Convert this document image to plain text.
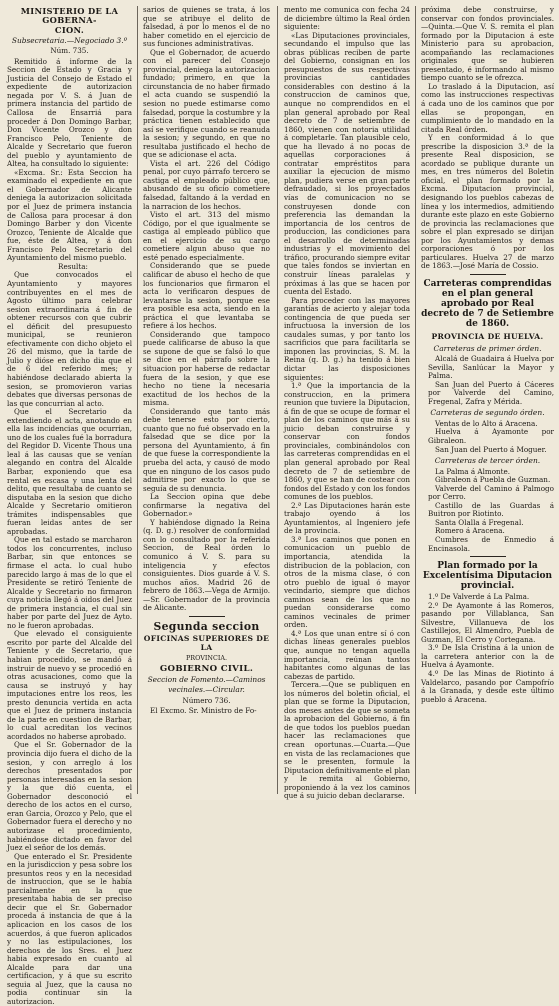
MINISTERIO DE LA GOBERNA-
CION.
Subsecretaria.—Negociado 3.º
Núm. 735.

Remitido á informe de la Seccion de Estado y Gracia y Justicia del Consejo de Estado el expediente de autorizacion negada por V. S. á Juan de primera instancia del partido de Callosa de Ensarriá para proceder á Don Domingo Barbar, Don Vicente Orozco y don Francisco Pelo, Teniente de Alcalde y Secretario que fueron del pueblo y ayuntamiento de Altea, ha consultado lo siguiente:

«Excma. Sr.: Esta Seccion ha examinado el expediente en que el Gobernador de Alicante deniega la autorizacion solicitada por el Juez de primera instancia de Callosa para procesar á don Domingo Barber y don Vicente Orozco, Teniente de Alcalde que fue, éste de Altea, y á don Francisco Pelo Secretario del Ayuntamiento del mismo pueblo.

Resulta:

Que convocados el Ayuntamiento y mayores contribuyentes en el mes de Agosto último para celebrar sesion extraordinaria á fin de obtener recursos con que cubrir el déficit del presupuesto municipal, se reunieron efectivamente con dicho objeto el 26 del mismo, que la tarde de Julio y dióse en dicho dia que el de 6 del referido mes; y habiéndose declarado abierta la sesion, se promovieron varias debates que diversas personas de las que concurrian al acto.

Que el Secretario da extendiendo el acta, anotando en ella las incidencias que ocurrian, uno de los cuales fué la borradura del Regidor D. Vicente Thous una leal á las causas que se venían alegando en contra del Alcalde Barbar, exponiendo que esa rental es escasa y una lenta del delito, que resultaba de cuanto se disputaba en la sesion que dicho Alcalde y Secretario omitieron trámites indispensables que fueran leidas antes de ser aprobadas.

Que en tal estado se marcharon todos los concurrentes, incluso Barbar, sin que entonces se firmase el acta. lo cual hubo parecido largo á mas de lo que el Presidente se retiró Teniente de Alcalde y Secretario no firmaron cuya noticia llegó á oidos del Juez de primera instancia, el cual sin haber por parte del Juez de Ayto. no le fueron aprobadas.

Que elevado el consiguiente escrito por parte del Alcalde del Teniente y de Secretario, que habian procedido, se mandó á instruir de nuevo y se procedió en otras acusaciones, como que la causa se instruyó y hay imputaciones entre los reos, les presto denuncia vertida en acta que el Juez de primera instancia de la parte en cuestion de Barbar, lo cual acreditan los vecinos acordados no haberse aprobado.

Que el Sr. Gobernador de la provincia dijo fuera el dicho de la sesion, y con arreglo á los derechos presentados por personas interesadas en la sesion y la que dió cuenta, el Gobernador desconoció el derecho de los actos en el curso, eran Garcia, Orozco y Pelo, que el Gobernador fuera el derecho y no autorizase el procedimiento, habiéndose dictado en favor del Juez el señor de los demás.

Que enterado el Sr. Presidente en la jurisdiccion y pesa sobre los presuntos reos y en la necesidad de instruccion, que se le había parcialmente en la que presentaba habia de ser preciso decir que el Sr. Gobernador proceda á instancia de que á la aplicacion en los casos de los acuerdos, á que fueron aplicados y no las estipulaciones, los derechos de los Sres. el Juez habia expresado en cuanto al Alcalde para dar una certificacion, y á que su escrito seguia al Juez, que la causa no podia continuar sin la autorizacion.

sarios de quienes se trata, á los que se atribuye el delito de falsedad, á por lo menos el de no haber cometido en el ejercicio de sus funciones administrativas.

Que el Gobernador, de acuerdo con el parecer del Consejo provincial, deniega la autorizacion fundado; primero, en que la circunstancia de no haber firmado el acta cuando se suspendió la sesion no puede estimarse como falsedad, porque la costumbre y la práctica tienen establecido que así se verifique cuando se reanuda la sesion; y segundo, en que no resultaba justificado el hecho de que se adicionase el acta.

Vista el art. 226 del Código penal, por cuyo párrafo tercero se castiga el empleado público que, abusando de su oficio cometiere falsedad, faltando á la verdad en la narracion de los hechos.

Visto el art. 313 del mismo Código, por el que igualmente se castiga al empleado público que en el ejercicio de su cargo cometiere algun abuso que no esté penado especialmente.

Considerando que se puede calificar de abuso el hecho de que los funcionarios que firmaron el acta lo verificaron despues de levantarse la sesion, porque ese era posible esa acta, siendo en la práctica el que levantaba se refiere á los hechos.

Considerando que tampoco puede calificarse de abuso la que se supone de que se falsó lo que se dice en el párrafo sobre la situacion por haberse de redactar fuera de la sesion, y que ese hecho no tiene la necesaria exactitud de los hechos de la misma.

Considerando que tanto más debe tenerse esto por cierto, cuanto que no fué observado en la falsedad que se dice por la persona del Ayuntamiento, á fin de que fuese la correspondiente la prueba del acta, y causó de modo que en ninguno de los casos pudo admitirse por exacto lo que se seguía de su denuncia.

La Seccion opina que debe confirmarse la negativa del Gobernador.»

Y habiéndose dignado la Reina (q. D. g.) resolver de conformidad con lo consultado por la referida Seccion, de Real órden lo comunico á V. S. para su inteligencia y efectos consiguientes. Dios guarde á V. S. muchos años. Madrid 26 de febrero de 1863.—Vega de Armijo.—Sr. Gobernador de la provincia de Alicante.

Segunda seccion
OFICINAS SUPERIORES DE LA
PROVINCIA.
GOBIERNO CIVIL.
Seccion de Fomento.—Caminos
vecinales.—Circular.
Número 736.

El Excmo. Sr. Ministro de Fo-

mento me comunica con fecha 24 de diciembre último la Real órden siguiente:

«Las Diputaciones provinciales, secundando el impulso que las obras públicas reciben de parte del Gobierno, consignan en los presupuestos de sus respectivas provincias cantidades considerables con destino á la construccion de caminos que, aunque no comprendidos en el plan general aprobado por Real decreto de 7 de setiembre de 1860, vienen con notoria utilidad á completarle. Tan plausible celo, que ha llevado á no pocas de aquellas corporaciones á contratar empréstitos para auxiliar la ejecucion de mismo plan, pudiera verse en gran parte defraudado, si los proyectados vías de comunicacion no se construyesen donde con preferencia las demandan la importancia de los centros de produccion, las condiciones para el desarrollo de determinadas industrias y el movimiento del tráfico, procurando siempre evitar que tales fondos se inviertan en construir líneas paralelas y próximas á las que se hacen por cuenta del Estado.

Para proceder con las mayores garantías de acierto y alejar toda contingencia de que pueda ser infructuosa la inversion de los caudales sumas, y por tanto los sacrificios que para facilitarla se imponen las provincias, S. M. la Reina (q. D. g.) ha tenido á bien dictar las disposiciones siguientes:

1.ª Que la importancia de la construccion, en la primera reunion que tuviere la Diputacion, á fin de que se ocupe de formar el plan de los caminos que más á su juicio deban construirse y conservar con fondos provinciales, combinándolos con las carreteras comprendidas en el plan general aprobado por Real decreto de 7 de setiembre de 1860, y que se han de costear con fondos del Estado y con los fondos comunes de los pueblos.

2.ª Las Diputaciones harán este trabajo oyendo á los Ayuntamientos, al Ingeniero jefe de la provincia.

3.ª Los caminos que ponen en comunicacion un pueblo de importancia, atendida la distribucion de la poblacion, con otros de la misma clase, ó con otro pueblo de igual ó mayor vecindario, siempre que dichos caminos sean de los que no puedan considerarse como caminos vecinales de primer orden.

4.ª Los que unan entre sí ó con dichas líneas generales pueblos que, aunque no tengan aquella importancia, reúnan tantos habitantes como algunas de las cabezas de partido.

Tercera.—Que se publiquen en los números del boletin oficial, el plan que se forme la Diputacion, dos meses antes de que se someta la aprobacion del Gobierno, á fin de que todos los pueblos puedan hacer las reclamaciones que crean oportunas.—Cuarta.—Que en vista de las reclamaciones que se le presenten, formule la Diputacion definitivamente el plan y le remita al Gobierno, proponiendo á la vez los caminos que á su juicio deban declararse.

próxima debe construirse, y conservar con fondos provinciales.—Quinta.—Que V. S. remita el plan formado por la Diputacion á este Ministerio para su aprobacion, acompañando las reclamaciones originales que se hubieren presentado, é informando al mismo tiempo cuanto se le ofrezca.

Lo traslado á la Diputacion, así como las instrucciones respectivas á cada uno de los caminos que por ellas se propongan, en cumplimiento de lo mandado en la citada Real órden.

Y en conformidad á lo que prescribe la disposicion 3.ª de la presente Real disposicion, se acordado se publique durante un mes, en tres números del Boletin oficial, el plan formado por la Excma. Diputacion provincial, designando los pueblos cabezas de línea y los intermedios, admitiendo durante este plazo en este Gobierno de provincia las reclamaciones que sobre el plan expresado se dirijan por los Ayuntamientos y demas corporaciones ó por los particulares. Huelva 27 de marzo de 1863.—José María de Cossio.

Carreteras comprendidas en el plan general aprobado por Real decreto de 7 de Setiembre de 1860.
PROVINCIA DE HUELVA.
Carreteras de primer órden.

Alcalá de Guadaira á Huelva por Sevilla, Sanlúcar la Mayor y Palma.

San Juan del Puerto á Cáceres por Valverde del Camino, Fregenal, Zafra y Mérida.

Carreteras de segundo órden.

Ventas de lo Alto á Aracena.

Huelva á Ayamonte por Gibraleon.

San Juan del Puerto á Moguer.

Carreteras de tercer órden.

La Palma á Almonte.

Gibraleon á Puebla de Guzman.

Valverde del Camino á Palmogo por Cerro.

Castillo de las Guardas á Buitron por Riotinto.

Santa Olalla á Fregenal.

Romero á Aracena.

Cumbres de Enmedio á Encinasola.

Plan formado por la Excelentísima Diputacion provincial.

1.º De Valverde á La Palma.

2.º De Ayamonte á las Romeros, pasando por Villablanca, San Silvestre, Villanueva de los Castillejos, El Almendro, Puebla de Guzman, El Cerro y Cortegana.

3.º De Isla Cristina á la union de la carretera anterior con la de Huelva á Ayamonte.

4.º De las Minas de Riotinto á Valdelarco, pasando por Campofrío á la Granada, y desde este último pueblo á Aracena.
